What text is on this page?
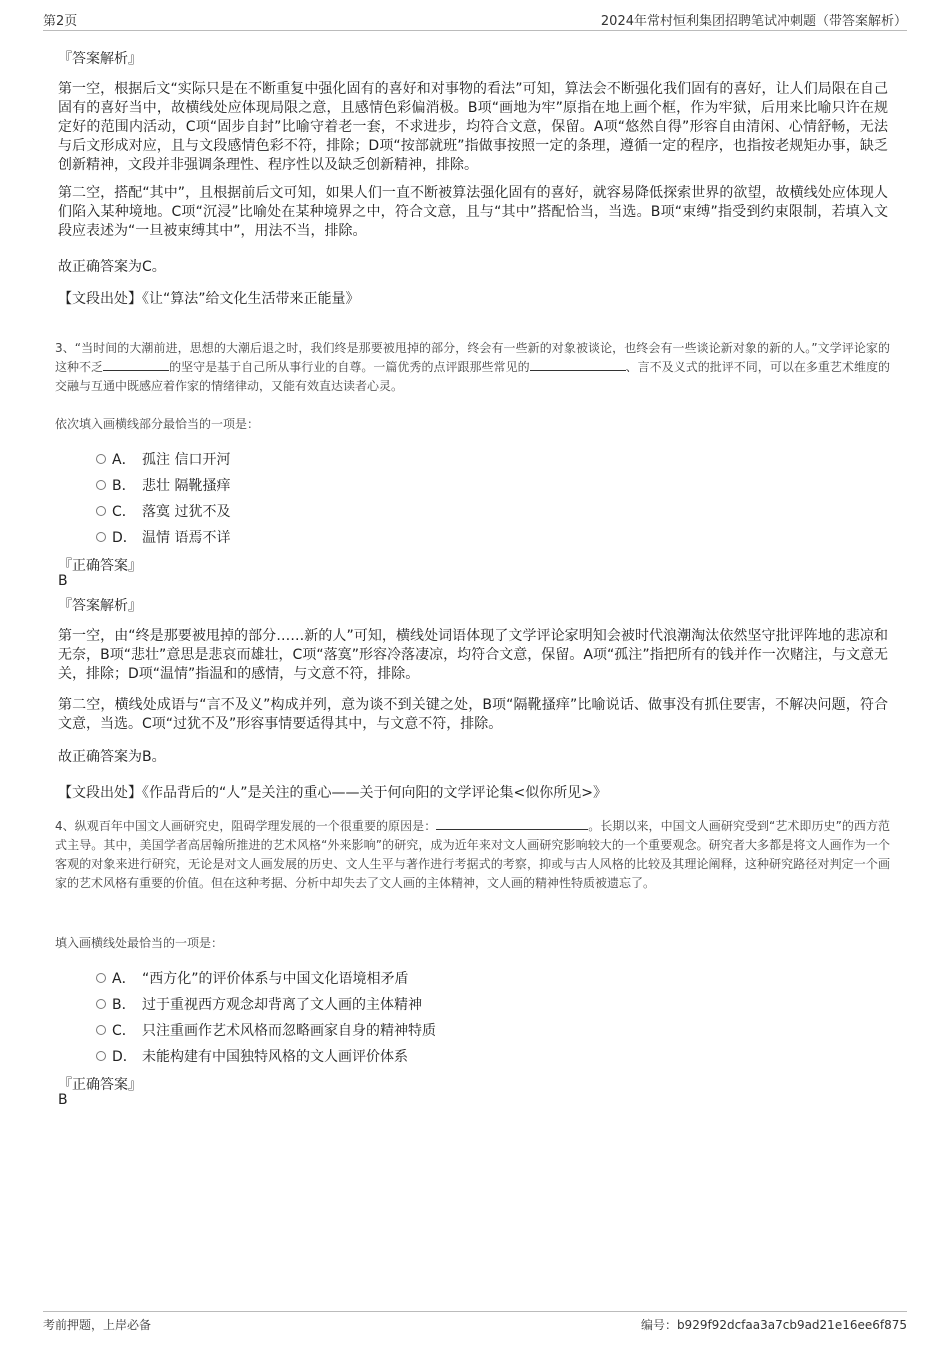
第2页	2024年常村恒利集团招聘笔试冲刺题（带答案解析）
『答案解析』

第一空，根据后文“实际只是在不断重复中强化固有的喜好和对事物的看法”可知，算法会不断强化我们固有的喜好，让人们局限在自己固有的喜好当中，故横线处应体现局限之意，且感情色彩偏消极。B项“画地为牢”原指在地上画个框，作为牢狱，后用来比喻只许在规定好的范围内活动，C项“固步自封”比喻守着老一套，不求进步，均符合文意，保留。A项“悠然自得”形容自由清闲、心情舒畅，无法与后文形成对应，且与文段感情色彩不符，排除；D项“按部就班”指做事按照一定的条理，遵循一定的程序，也指按老规矩办事，缺乏创新精神，文段并非强调条理性、程序性以及缺乏创新精神，排除。

第二空，搭配“其中”，且根据前后文可知，如果人们一直不断被算法强化固有的喜好，就容易降低探索世界的欲望，故横线处应体现人们陷入某种境地。C项“沉浸”比喻处在某种境界之中，符合文意，且与“其中”搭配恰当，当选。B项“束缚”指受到约束限制，若填入文段应表述为“一旦被束缚其中”，用法不当，排除。

故正确答案为C。

【文段出处】《让“算法”给文化生活带来正能量》

3、“当时间的大潮前进，思想的大潮后退之时，我们终是那要被甩掉的部分，终会有一些新的对象被谈论，也终会有一些谈论新对象的新的人。”文学评论家的这种不乏	的坚守是基于自己所从事行业的自尊。一篇优秀的点评跟那些常见的	、言不及义式的批评不同，可以在多重艺术维度的交融与互通中既感应着作家的情绪律动，又能有效直达读者心灵。

依次填入画横线部分最恰当的一项是：
A． 孤注 信口开河
B． 悲壮 隔靴搔痒
C． 落寞 过犹不及
D． 温情 语焉不详
『正确答案』
B
『答案解析』

第一空，由“终是那要被甩掉的部分……新的人”可知，横线处词语体现了文学评论家明知会被时代浪潮淘汰依然坚守批评阵地的悲凉和无奈，B项“悲壮”意思是悲哀而雄壮，C项“落寞”形容冷落凄凉，均符合文意，保留。A项“孤注”指把所有的钱并作一次赌注，与文意无关，排除；D项“温情”指温和的感情，与文意不符，排除。

第二空，横线处成语与“言不及义”构成并列，意为谈不到关键之处，B项“隔靴搔痒”比喻说话、做事没有抓住要害，不解决问题，符合文意，当选。C项“过犹不及”形容事情要适得其中，与文意不符，排除。

故正确答案为B。

【文段出处】《作品背后的“人”是关注的重心——关于何向阳的文学评论集<似你所见>》

4、纵观百年中国文人画研究史，阻碍学理发展的一个很重要的原因是：	。长期以来，中国文人画研究受到“艺术即历史”的西方范式主导。其中，美国学者高居翰所推进的艺术风格“外来影响”的研究，成为近年来对文人画研究影响较大的一个重要观念。研究者大多都是将文人画作为一个客观的对象来进行研究，无论是对文人画发展的历史、文人生平与著作进行考据式的考察，抑或与古人风格的比较及其理论阐释，这种研究路径对判定一个画家的艺术风格有重要的价值。但在这种考据、分析中却失去了文人画的主体精神，文人画的精神性特质被遗忘了。

填入画横线处最恰当的一项是：
A． “西方化”的评价体系与中国文化语境相矛盾
B． 过于重视西方观念却背离了文人画的主体精神
C． 只注重画作艺术风格而忽略画家自身的精神特质
D． 未能构建有中国独特风格的文人画评价体系
『正确答案』
B
考前押题，上岸必备	编号：b929f92dcfaa3a7cb9ad21e16ee6f875
